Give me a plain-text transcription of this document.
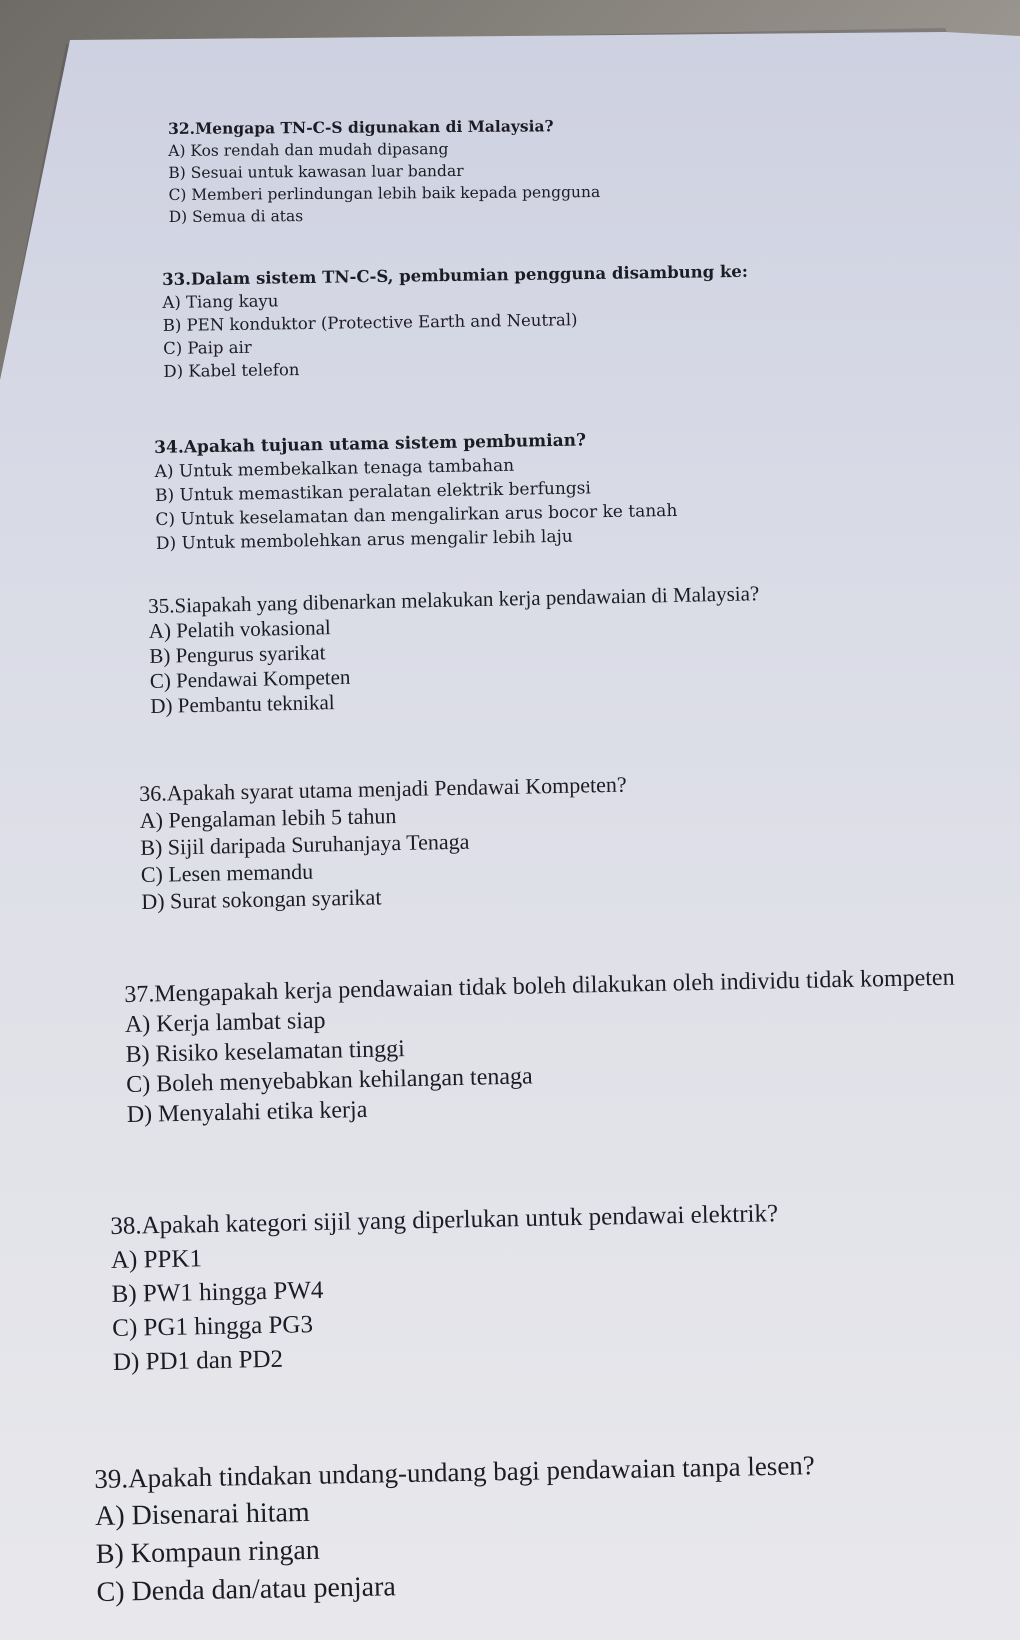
32.Mengapa TN-C-S digunakan di Malaysia?
A) Kos rendah dan mudah dipasang
B) Sesuai untuk kawasan luar bandar
C) Memberi perlindungan lebih baik kepada pengguna
D) Semua di atas
33.Dalam sistem TN-C-S, pembumian pengguna disambung ke:
A) Tiang kayu
B) PEN konduktor (Protective Earth and Neutral)
C) Paip air
D) Kabel telefon
34.Apakah tujuan utama sistem pembumian?
A) Untuk membekalkan tenaga tambahan
B) Untuk memastikan peralatan elektrik berfungsi
C) Untuk keselamatan dan mengalirkan arus bocor ke tanah
D) Untuk membolehkan arus mengalir lebih laju
35.Siapakah yang dibenarkan melakukan kerja pendawaian di Malaysia?
A) Pelatih vokasional
B) Pengurus syarikat
C) Pendawai Kompeten
D) Pembantu teknikal
36.Apakah syarat utama menjadi Pendawai Kompeten?
A) Pengalaman lebih 5 tahun
B) Sijil daripada Suruhanjaya Tenaga
C) Lesen memandu
D) Surat sokongan syarikat
37.Mengapakah kerja pendawaian tidak boleh dilakukan oleh individu tidak kompeten
A) Kerja lambat siap
B) Risiko keselamatan tinggi
C) Boleh menyebabkan kehilangan tenaga
D) Menyalahi etika kerja
38.Apakah kategori sijil yang diperlukan untuk pendawai elektrik?
A) PPK1
B) PW1 hingga PW4
C) PG1 hingga PG3
D) PD1 dan PD2
39.Apakah tindakan undang-undang bagi pendawaian tanpa lesen?
A) Disenarai hitam
B) Kompaun ringan
C) Denda dan/atau penjara
